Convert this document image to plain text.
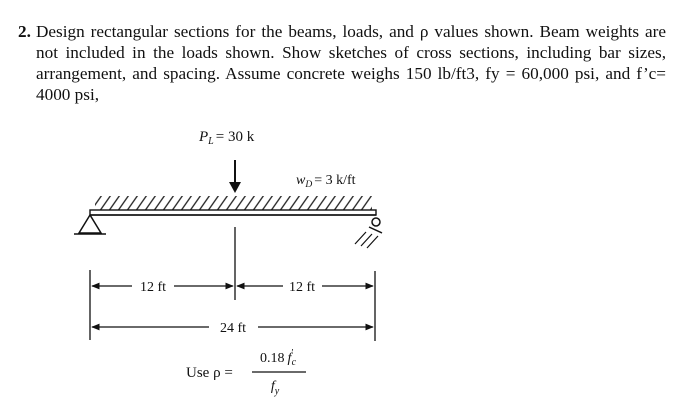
2. Design rectangular sections for the beams, loads, and ρ values shown. Beam weights are not included in the loads shown. Show sketches of cross sections, including bar sizes, arrangement, and spacing. Assume concrete weighs 150 lb/ft3, fy = 60,000 psi, and f’c= 4000 psi,

$P_L = 30$ k
$w_D = 3$ k/ft
12 ft	12 ft
24 ft
Use ρ =
0.18 f′ c
$f_y$
